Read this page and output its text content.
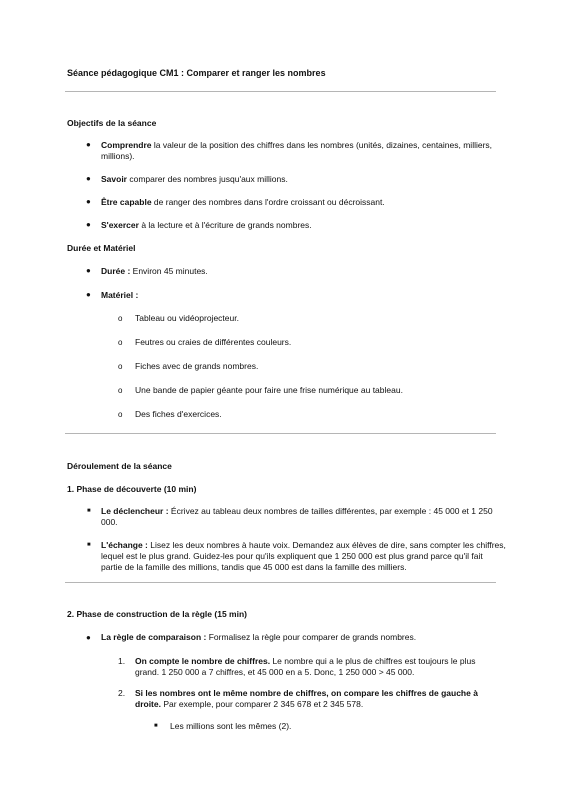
Séance pédagogique CM1 : Comparer et ranger les nombres
Objectifs de la séance
● Comprendre la valeur de la position des chiffres dans les nombres (unités, dizaines, centaines, milliers, millions).
● Savoir comparer des nombres jusqu'aux millions.
● Être capable de ranger des nombres dans l'ordre croissant ou décroissant.
● S'exercer à la lecture et à l'écriture de grands nombres.
Durée et Matériel
● Durée : Environ 45 minutes.
● Matériel :
o Tableau ou vidéoprojecteur.
o Feutres ou craies de différentes couleurs.
o Fiches avec de grands nombres.
o Une bande de papier géante pour faire une frise numérique au tableau.
o Des fiches d'exercices.
Déroulement de la séance
1. Phase de découverte (10 min)
■ Le déclencheur : Écrivez au tableau deux nombres de tailles différentes, par exemple : 45 000 et 1 250 000.
■ L'échange : Lisez les deux nombres à haute voix. Demandez aux élèves de dire, sans compter les chiffres, lequel est le plus grand. Guidez-les pour qu'ils expliquent que 1 250 000 est plus grand parce qu'il fait partie de la famille des millions, tandis que 45 000 est dans la famille des milliers.
2. Phase de construction de la règle (15 min)
● La règle de comparaison : Formalisez la règle pour comparer de grands nombres.
1. On compte le nombre de chiffres. Le nombre qui a le plus de chiffres est toujours le plus grand. 1 250 000 a 7 chiffres, et 45 000 en a 5. Donc, 1 250 000 > 45 000.
2. Si les nombres ont le même nombre de chiffres, on compare les chiffres de gauche à droite. Par exemple, pour comparer 2 345 678 et 2 345 578.
■ Les millions sont les mêmes (2).
